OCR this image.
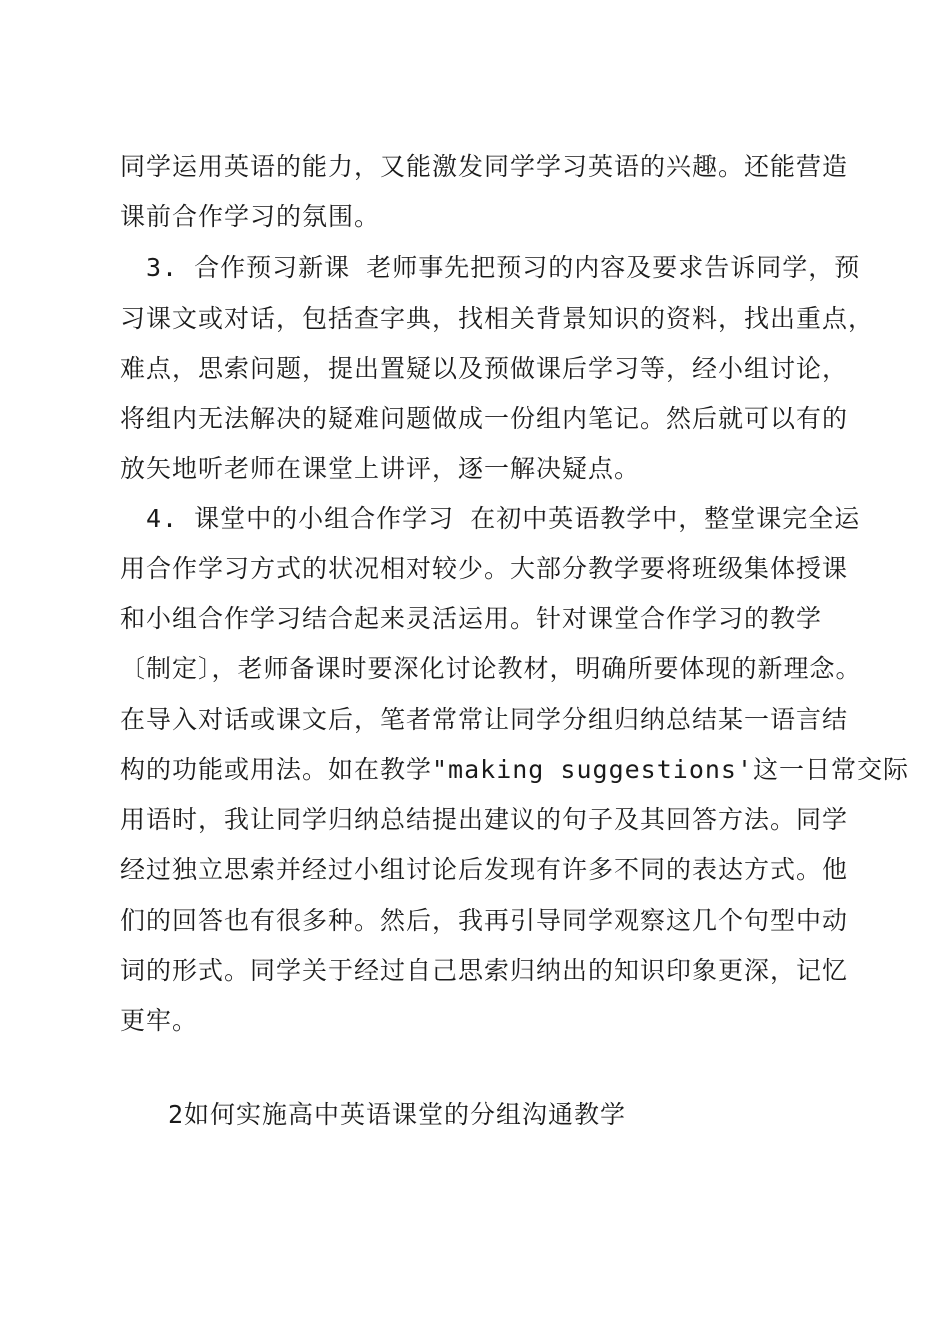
同学运用英语的能力，又能激发同学学习英语的兴趣。还能营造
课前合作学习的氛围。
3. 合作预习新课 老师事先把预习的内容及要求告诉同学，预
习课文或对话，包括查字典，找相关背景知识的资料，找出重点，
难点，思索问题，提出置疑以及预做课后学习等，经小组讨论，
将组内无法解决的疑难问题做成一份组内笔记。然后就可以有的
放矢地听老师在课堂上讲评，逐一解决疑点。
4. 课堂中的小组合作学习 在初中英语教学中，整堂课完全运
用合作学习方式的状况相对较少。大部分教学要将班级集体授课
和小组合作学习结合起来灵活运用。针对课堂合作学习的教学
〔制定〕，老师备课时要深化讨论教材，明确所要体现的新理念。
在导入对话或课文后，笔者常常让同学分组归纳总结某一语言结
构的功能或用法。如在教学"making suggestions'这一日常交际
用语时，我让同学归纳总结提出建议的句子及其回答方法。同学
经过独立思索并经过小组讨论后发现有许多不同的表达方式。他
们的回答也有很多种。然后，我再引导同学观察这几个句型中动
词的形式。同学关于经过自己思索归纳出的知识印象更深，记忆
更牢。
2如何实施高中英语课堂的分组沟通教学
